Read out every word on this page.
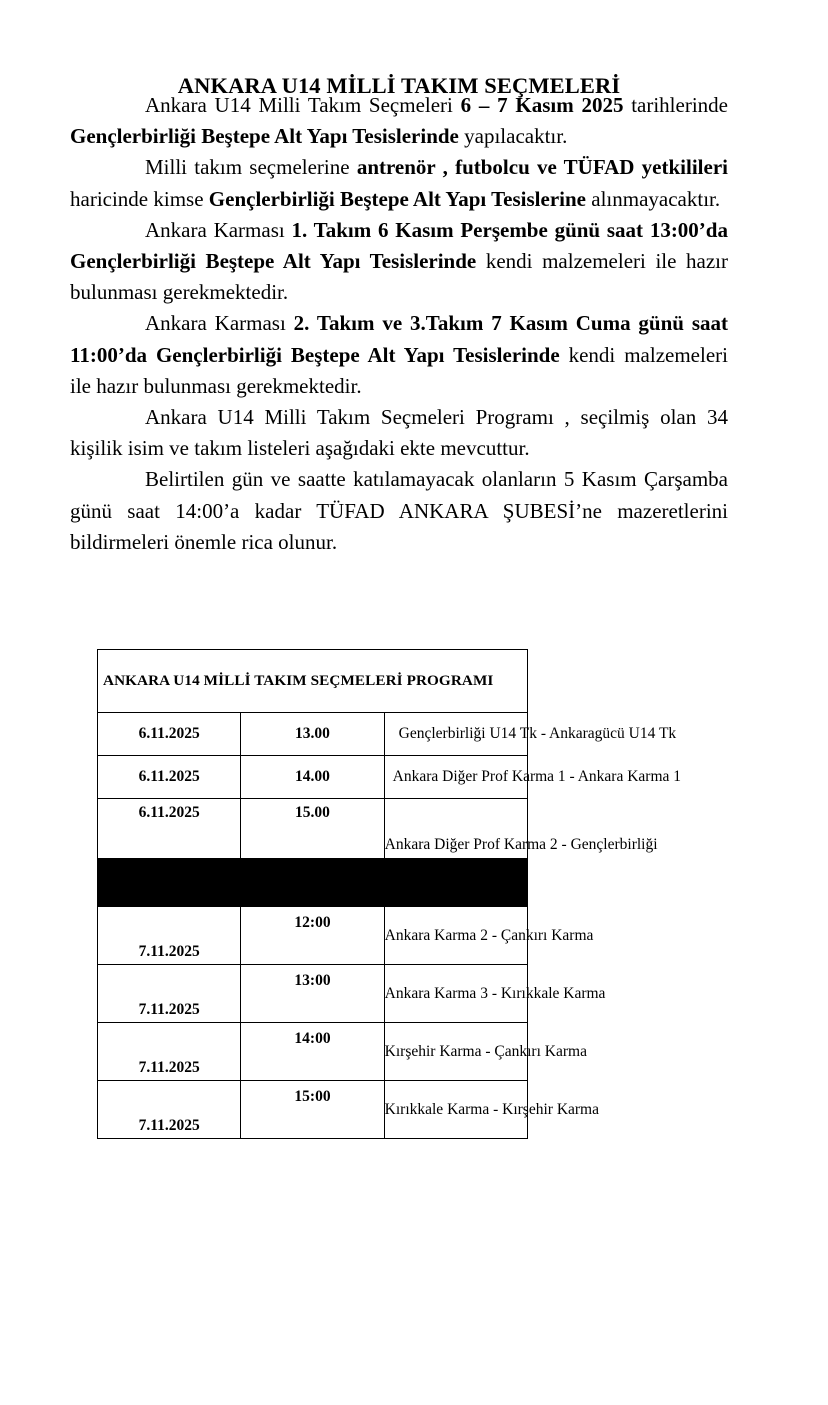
ANKARA U14 MİLLİ TAKIM SEÇMELERİ

Ankara U14 Milli Takım Seçmeleri 6 – 7 Kasım 2025 tarihlerinde Gençlerbirliği Beştepe Alt Yapı Tesislerinde yapılacaktır.

Milli takım seçmelerine antrenör , futbolcu ve TÜFAD yetkilileri haricinde kimse Gençlerbirliği Beştepe Alt Yapı Tesislerine alınmayacaktır.

Ankara Karması 1. Takım 6 Kasım Perşembe günü saat 13:00’da Gençlerbirliği Beştepe Alt Yapı Tesislerinde kendi malzemeleri ile hazır bulunması gerekmektedir.

Ankara Karması 2. Takım ve 3.Takım 7 Kasım Cuma günü saat 11:00’da Gençlerbirliği Beştepe Alt Yapı Tesislerinde kendi malzemeleri ile hazır bulunması gerekmektedir.

Ankara U14 Milli Takım Seçmeleri Programı , seçilmiş olan 34 kişilik isim ve takım listeleri aşağıdaki ekte mevcuttur.

Belirtilen gün ve saatte katılamayacak olanların 5 Kasım Çarşamba günü saat 14:00’a kadar TÜFAD ANKARA ŞUBESİ’ne mazeretlerini bildirmeleri önemle rica olunur.

ANKARA U14 MİLLİ TAKIM SEÇMELERİ PROGRAMI		
6.11.2025	13.00	Gençlerbirliği U14 Tk - Ankaragücü U14 Tk
6.11.2025	14.00	Ankara Diğer Prof Karma 1 - Ankara Karma 1
6.11.2025	15.00	Ankara Diğer Prof Karma 2 - Gençlerbirliği

7.11.2025	12:00	Ankara Karma 2 - Çankırı Karma
7.11.2025	13:00	Ankara Karma 3 - Kırıkkale Karma
7.11.2025	14:00	Kırşehir Karma - Çankırı Karma
7.11.2025	15:00	Kırıkkale Karma - Kırşehir Karma
